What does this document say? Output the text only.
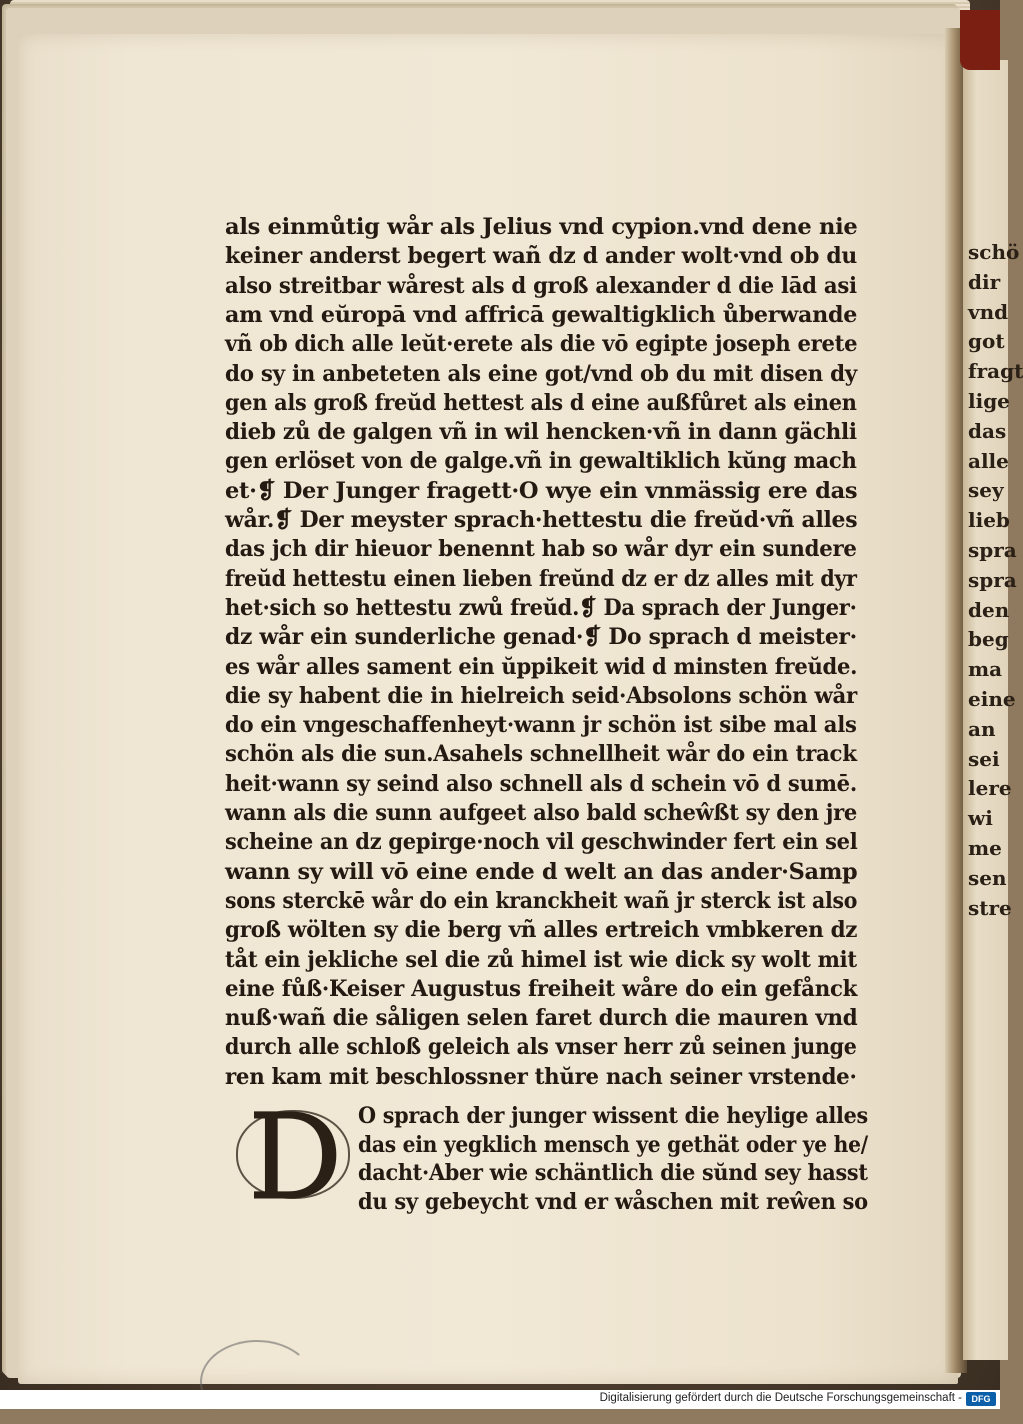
als einmůtig wår als Jelius vnd cypion.vnd dene nie
keiner anderst begert wañ dz d ander wolt·vnd ob du
also streitbar wårest als d groß alexander d die lād asi
am vnd eŭropā vnd affricā gewaltigklich ůberwande
vñ ob dich alle leŭt·erete als die vō egipte joseph erete
do sy in anbeteten als eine got/vnd ob du mit disen dy
gen als groß freŭd hettest als d eine außfůret als einen
dieb zů de galgen vñ in wil hencken·vñ in dann gächli
gen erlöset von de galge.vñ in gewaltiklich kŭng mach
et·❡ Der Junger fragett·O wye ein vnmässig ere das
wår.❡ Der meyster sprach·hettestu die freŭd·vñ alles
das jch dir hieuor benennt hab so wår dyr ein sundere
freŭd hettestu einen lieben freŭnd dz er dz alles mit dyr
het·sich so hettestu zwů freŭd.❡ Da sprach der Junger·
dz wår ein sunderliche genad·❡ Do sprach d meister·
es wår alles sament ein ŭppikeit wid d minsten freŭde.
die sy habent die in hielreich seid·Absolons schön wår
do ein vngeschaffenheyt·wann jr schön ist sibe mal als
schön als die sun.Asahels schnellheit wår do ein track
heit·wann sy seind also schnell als d schein vō d sumē.
wann als die sunn aufgeet also bald scheŵßt sy den jre
scheine an dz gepirge·noch vil geschwinder fert ein sel
wann sy will vō eine ende d welt an das ander·Samp
sons sterckē wår do ein kranckheit wañ jr sterck ist also
groß wölten sy die berg vñ alles ertreich vmbkeren dz
tåt ein jekliche sel die zů himel ist wie dick sy wolt mit
eine fůß·Keiser Augustus freiheit wåre do ein gefånck
nuß·wañ die såligen selen faret durch die mauren vnd
durch alle schloß geleich als vnser herr zů seinen junge
ren kam mit beschlossner thŭre nach seiner vrstende·
D O sprach der junger wissent die heylige alles
das ein yegklich mensch ye gethät oder ye he/
dacht·Aber wie schäntlich die sŭnd sey hasst
du sy gebeycht vnd er wåschen mit reŵen so
schö
dir
vnd
got
fragt
lige
das
alle
sey
lieb
spra
spra
den
beg
ma
eine
an
sei
lere
wi
me
sen
stre
Digitalisierung gefördert durch die Deutsche Forschungsgemeinschaft -	DFG
